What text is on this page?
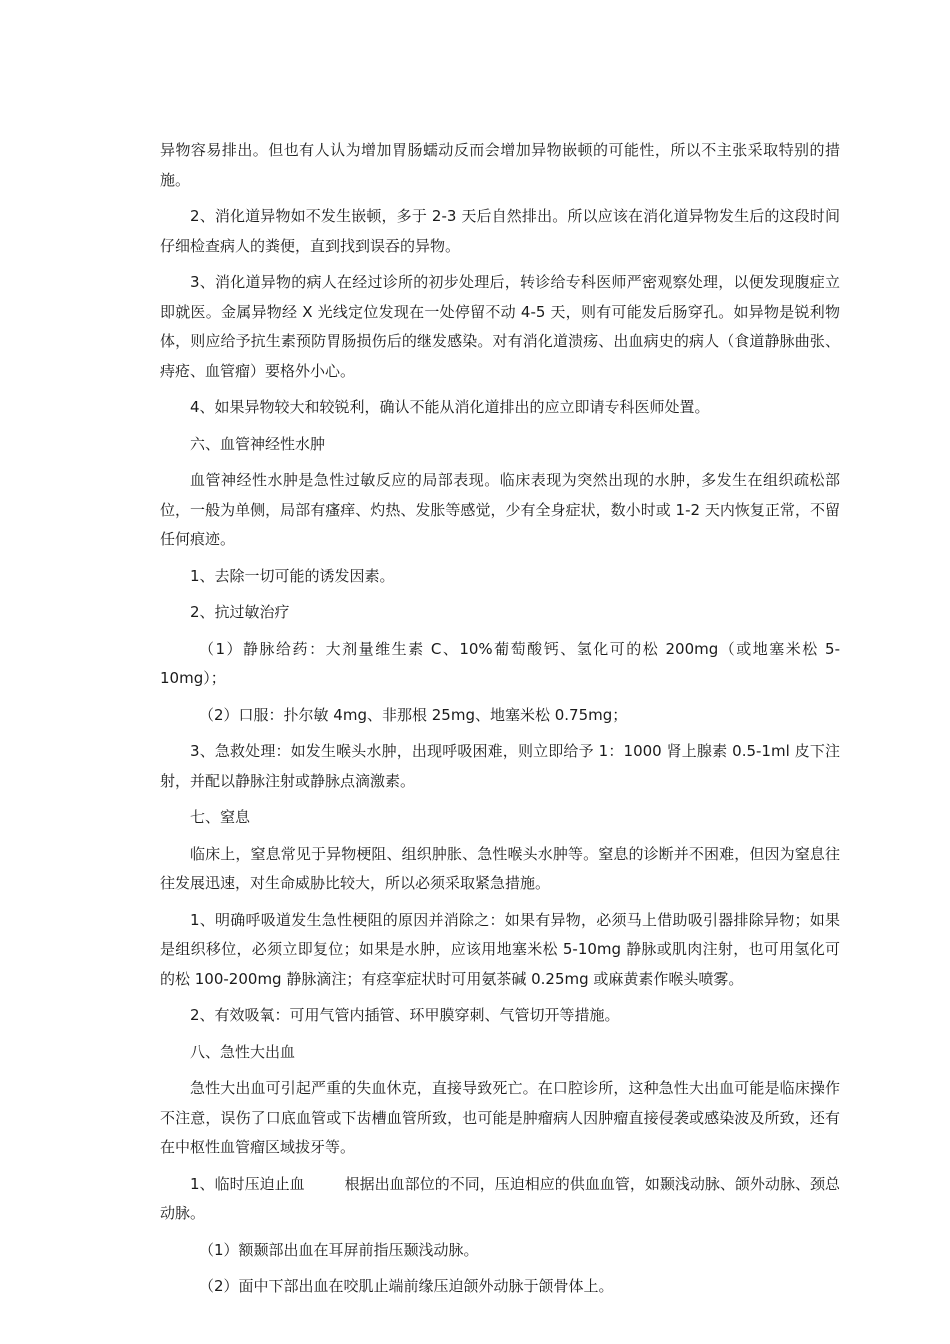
异物容易排出。但也有人认为增加胃肠蠕动反而会增加异物嵌顿的可能性，所以不主张采取特别的措施。

2、消化道异物如不发生嵌顿，多于 2-3 天后自然排出。所以应该在消化道异物发生后的这段时间仔细检查病人的粪便，直到找到误吞的异物。

3、消化道异物的病人在经过诊所的初步处理后，转诊给专科医师严密观察处理，以便发现腹症立即就医。金属异物经 X 光线定位发现在一处停留不动 4-5 天，则有可能发后肠穿孔。如异物是锐利物体，则应给予抗生素预防胃肠损伤后的继发感染。对有消化道溃疡、出血病史的病人（食道静脉曲张、痔疮、血管瘤）要格外小心。

4、如果异物较大和较锐利，确认不能从消化道排出的应立即请专科医师处置。

六、血管神经性水肿

血管神经性水肿是急性过敏反应的局部表现。临床表现为突然出现的水肿，多发生在组织疏松部位，一般为单侧，局部有瘙痒、灼热、发胀等感觉，少有全身症状，数小时或 1-2 天内恢复正常，不留任何痕迹。

1、去除一切可能的诱发因素。

2、抗过敏治疗

（1）静脉给药：大剂量维生素 C、10%葡萄酸钙、氢化可的松 200mg（或地塞米松 5-10mg）；

（2）口服：扑尔敏 4mg、非那根 25mg、地塞米松 0.75mg；

3、急救处理：如发生喉头水肿，出现呼吸困难，则立即给予 1：1000 肾上腺素 0.5-1ml 皮下注射，并配以静脉注射或静脉点滴激素。

七、窒息

临床上，窒息常见于异物梗阻、组织肿胀、急性喉头水肿等。窒息的诊断并不困难，但因为窒息往往发展迅速，对生命威胁比较大，所以必须采取紧急措施。

1、明确呼吸道发生急性梗阻的原因并消除之：如果有异物，必须马上借助吸引器排除异物；如果是组织移位，必须立即复位；如果是水肿，应该用地塞米松 5-10mg 静脉或肌肉注射，也可用氢化可的松 100-200mg 静脉滴注；有痉挛症状时可用氨茶碱 0.25mg 或麻黄素作喉头喷雾。

2、有效吸氧：可用气管内插管、环甲膜穿刺、气管切开等措施。

八、急性大出血

急性大出血可引起严重的失血休克，直接导致死亡。在口腔诊所，这种急性大出血可能是临床操作不注意，误伤了口底血管或下齿槽血管所致，也可能是肿瘤病人因肿瘤直接侵袭或感染波及所致，还有在中枢性血管瘤区域拔牙等。

1、临时压迫止血	根据出血部位的不同，压迫相应的供血血管，如颞浅动脉、颌外动脉、颈总动脉。

（1）额颞部出血在耳屏前指压颞浅动脉。

（2）面中下部出血在咬肌止端前缘压迫颌外动脉于颌骨体上。
